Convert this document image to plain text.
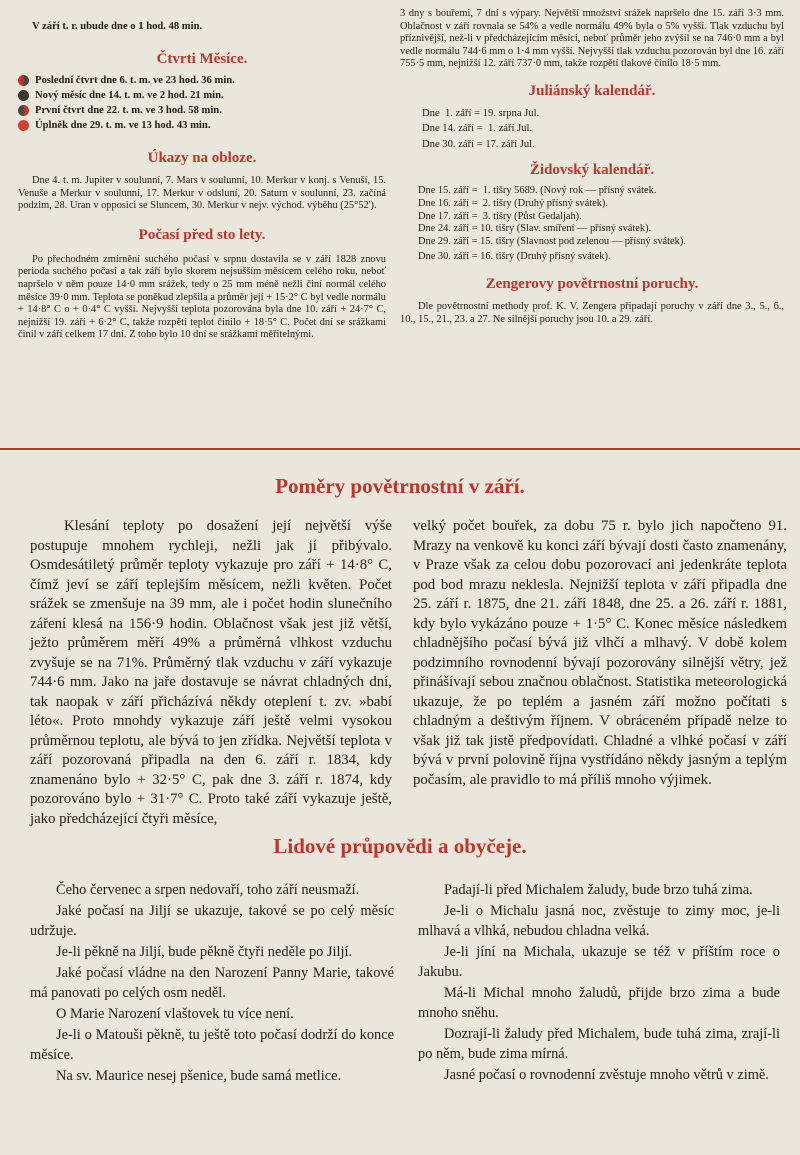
V září t. r. ubude dne o 1 hod. 48 min.
Čtvrti Měsíce.
Poslední čtvrt dne 6. t. m. ve 23 hod. 36 min.
Nový měsíc dne 14. t. m. ve 2 hod. 21 min.
První čtvrt dne 22. t. m. ve 3 hod. 58 min.
Úplněk dne 29. t. m. ve 13 hod. 43 min.
Úkazy na obloze.

Dne 4. t. m. Jupiter v soulunní, 7. Mars v soulunní, 10. Merkur v konj. s Venuší, 15. Venuše a Merkur v soulunní, 17. Merkur v odsluní, 20. Saturn v soulunní, 23. začíná podzim, 28. Uran v opposici se Sluncem, 30. Merkur v nejv. východ. výběhu (25°52').

Počasí před sto lety.

Po přechodném zmírnění suchého počasí v srpnu dostavila se v září 1828 znovu perioda suchého počasí a tak září bylo skorem nejsušším měsícem celého roku, neboť napršelo v něm pouze 14·0 mm srážek, tedy o 25 mm méně nežli činí normál celého měsíce 39·0 mm. Teplota se poněkud zlepšila a průměr její + 15·2° C byl vedle normálu + 14·8° C o + 0·4° C vyšší. Nejvyšší teplota pozorována byla dne 10. září + 24·7° C, nejnižší 19. září + 6·2° C, takže rozpětí teplot činilo + 18·5° C. Počet dní se srážkami činil v září celkem 17 dní. Z toho bylo 10 dní se srážkami měřitelnými.

3 dny s bouřemi, 7 dní s výpary. Největší množství srážek napršelo dne 15. září 3·3 mm. Oblačnost v září rovnala se 54% a vedle normálu 49% byla o 5% vyšší. Tlak vzduchu byl příznivější, než-li v předcházejícím měsíci, neboť průměr jeho zvýšil se na 746·0 mm a byl vedle normálu 744·6 mm o 1·4 mm vyšší. Nejvyšší tlak vzduchu pozorován byl dne 16. září 755·5 mm, nejnižší 12. září 737·0 mm, takže rozpětí tlakové činilo 18·5 mm.

Juliánský kalendář.
Dne  1. září = 19. srpna Jul.
Dne 14. září =  1. září Jul.
Dne 30. září = 17. září Jul.
Židovský kalendář.
Dne 15. září =  1. tišry 5689. (Nový rok — přísný svátek.
Dne 16. září =  2. tišry (Druhý přísný svátek).
Dne 17. září =  3. tišry (Půst Gedaljah).
Dne 24. září = 10. tišry (Slav. smíření — přísný svátek).
Dne 29. září = 15. tišry (Slavnost pod zelenou — přísný svátek).
Dne 30. září = 16. tišry (Druhý přísný svátek).
Zengerovy povětrnostní poruchy.

Dle povětrnostní methody prof. K. V. Zengera připadají poruchy v září dne 3., 5., 6., 10., 15., 21., 23. a 27. Ne silnější poruchy jsou 10. a 29. září.

Poměry povětrnostní v září.

Klesání teploty po dosažení její největší výše postupuje mnohem rychleji, nežli jak jí přibývalo. Osmdesátiletý průměr teploty vykazuje pro září + 14·8° C, čímž jeví se září teplejším měsícem, nežli květen. Počet srážek se zmenšuje na 39 mm, ale i počet hodin slunečního záření klesá na 156·9 hodin. Oblačnost však jest již větší, ježto průměrem měří 49% a průměrná vlhkost vzduchu zvyšuje se na 71%. Průměrný tlak vzduchu v září vykazuje 744·6 mm. Jako na jaře dostavuje se návrat chladných dní, tak naopak v září přicházívá někdy oteplení t. zv. »babí léto«. Proto mnohdy vykazuje září ještě velmi vysokou průměrnou teplotu, ale bývá to jen zřídka. Největší teplota v září pozorovaná připadla na den 6. září r. 1834, kdy znamenáno bylo + 32·5° C, pak dne 3. září r. 1874, kdy pozorováno bylo + 31·7° C. Proto také září vykazuje ještě, jako předcházející čtyři měsíce,

velký počet bouřek, za dobu 75 r. bylo jich napočteno 91. Mrazy na venkově ku konci září bývají dosti často znamenány, v Praze však za celou dobu pozorovací ani jedenkráte teplota pod bod mrazu neklesla. Nejnižší teplota v září připadla dne 25. září r. 1875, dne 21. září 1848, dne 25. a 26. září r. 1881, kdy bylo vykázáno pouze + 1·5° C. Konec měsíce následkem chladnějšího počasí bývá již vlhčí a mlhavý. V době kolem podzimního rovnodenní bývají pozorovány silnější větry, jež přinášívají sebou značnou oblačnost. Statistika meteorologická ukazuje, že po teplém a jasném září možno počítati s chladným a deštivým říjnem. V obráceném případě nelze to však již tak jistě předpovídati. Chladné a vlhké počasí v září bývá v první polovině října vystřídáno někdy jasným a teplým počasím, ale pravidlo to má příliš mnoho výjimek.

Lidové průpovědi a obyčeje.

Čeho červenec a srpen nedovaří, toho září neusmaží.

Jaké počasí na Jiljí se ukazuje, takové se po celý měsíc udržuje.

Je-li pěkně na Jiljí, bude pěkně čtyři neděle po Jiljí.

Jaké počasí vládne na den Narození Panny Marie, takové má panovati po celých osm neděl.

O Marie Narození vlaštovek tu více není.

Je-li o Matouši pěkně, tu ještě toto počasí dodrží do konce měsíce.

Na sv. Maurice nesej pšenice, bude samá metlice.

Padají-li před Michalem žaludy, bude brzo tuhá zima.

Je-li o Michalu jasná noc, zvěstuje to zimy moc, je-li mlhavá a vlhká, nebudou chladna velká.

Je-li jíní na Michala, ukazuje se též v příštím roce o Jakubu.

Má-li Michal mnoho žaludů, přijde brzo zima a bude mnoho sněhu.

Dozrají-li žaludy před Michalem, bude tuhá zima, zrají-li po něm, bude zima mírná.

Jasné počasí o rovnodenní zvěstuje mnoho větrů v zimě.
